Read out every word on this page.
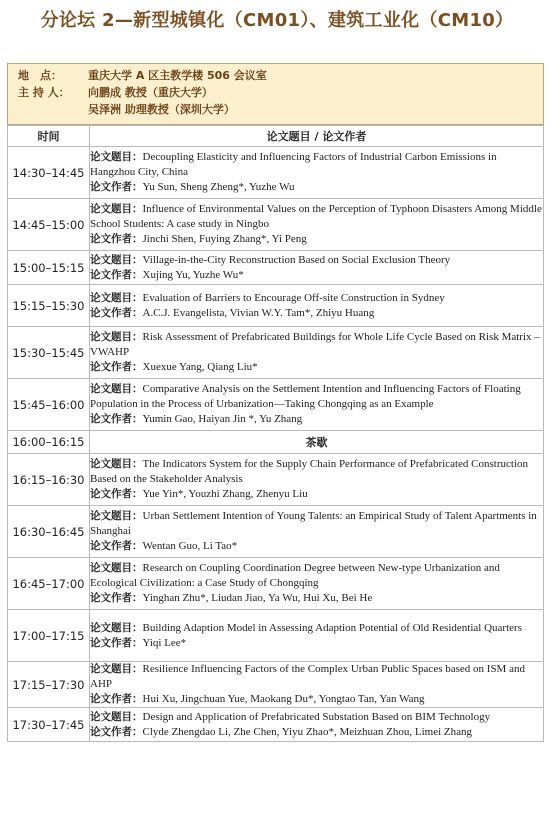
分论坛 2—新型城镇化（CM01）、建筑工业化（CM10）
地　点：	重庆大学 A 区主教学楼 506 会议室
主 持 人：	向鹏成 教授（重庆大学）
吴泽洲 助理教授（深圳大学）
时间	论文题目 / 论文作者
14:30–14:45	论文题目：Decoupling Elasticity and Influencing Factors of Industrial Carbon Emissions in Hangzhou City, China
论文作者：Yu Sun, Sheng Zheng*, Yuzhe Wu

14:45–15:00	论文题目：Influence of Environmental Values on the Perception of Typhoon Disasters Among Middle School Students: A case study in Ningbo
论文作者：Jinchi Shen, Fuying Zhang*, Yi Peng

15:00–15:15	论文题目：Village-in-the-City Reconstruction Based on Social Exclusion Theory
论文作者：Xujing Yu, Yuzhe Wu*

15:15–15:30	论文题目：Evaluation of Barriers to Encourage Off-site Construction in Sydney
论文作者：A.C.J. Evangelista, Vivian W.Y. Tam*, Zhiyu Huang

15:30–15:45	论文题目：Risk Assessment of Prefabricated Buildings for Whole Life Cycle Based on Risk Matrix – VWAHP
论文作者：Xuexue Yang, Qiang Liu*

15:45–16:00	论文题目：Comparative Analysis on the Settlement Intention and Influencing Factors of Floating Population in the Process of Urbanization—Taking Chongqing as an Example
论文作者：Yumin Gao, Haiyan Jin *, Yu Zhang

16:00–16:15	茶歇
16:15–16:30	论文题目：The Indicators System for the Supply Chain Performance of Prefabricated Construction Based on the Stakeholder Analysis
论文作者：Yue Yin*, Youzhi Zhang, Zhenyu Liu

16:30–16:45	论文题目：Urban Settlement Intention of Young Talents: an Empirical Study of Talent Apartments in Shanghai
论文作者：Wentan Guo, Li Tao*

16:45–17:00	论文题目：Research on Coupling Coordination Degree between New-type Urbanization and Ecological Civilization: a Case Study of Chongqing
论文作者：Yinghan Zhu*, Liudan Jiao, Ya Wu, Hui Xu, Bei He

17:00–17:15	论文题目：Building Adaption Model in Assessing Adaption Potential of Old Residential Quarters
论文作者：Yiqi Lee*

17:15–17:30	论文题目：Resilience Influencing Factors of the Complex Urban Public Spaces based on ISM and AHP
论文作者：Hui Xu, Jingchuan Yue, Maokang Du*, Yongtao Tan, Yan Wang

17:30–17:45	论文题目：Design and Application of Prefabricated Substation Based on BIM Technology
论文作者：Clyde Zhengdao Li, Zhe Chen, Yiyu Zhao*, Meizhuan Zhou, Limei Zhang
